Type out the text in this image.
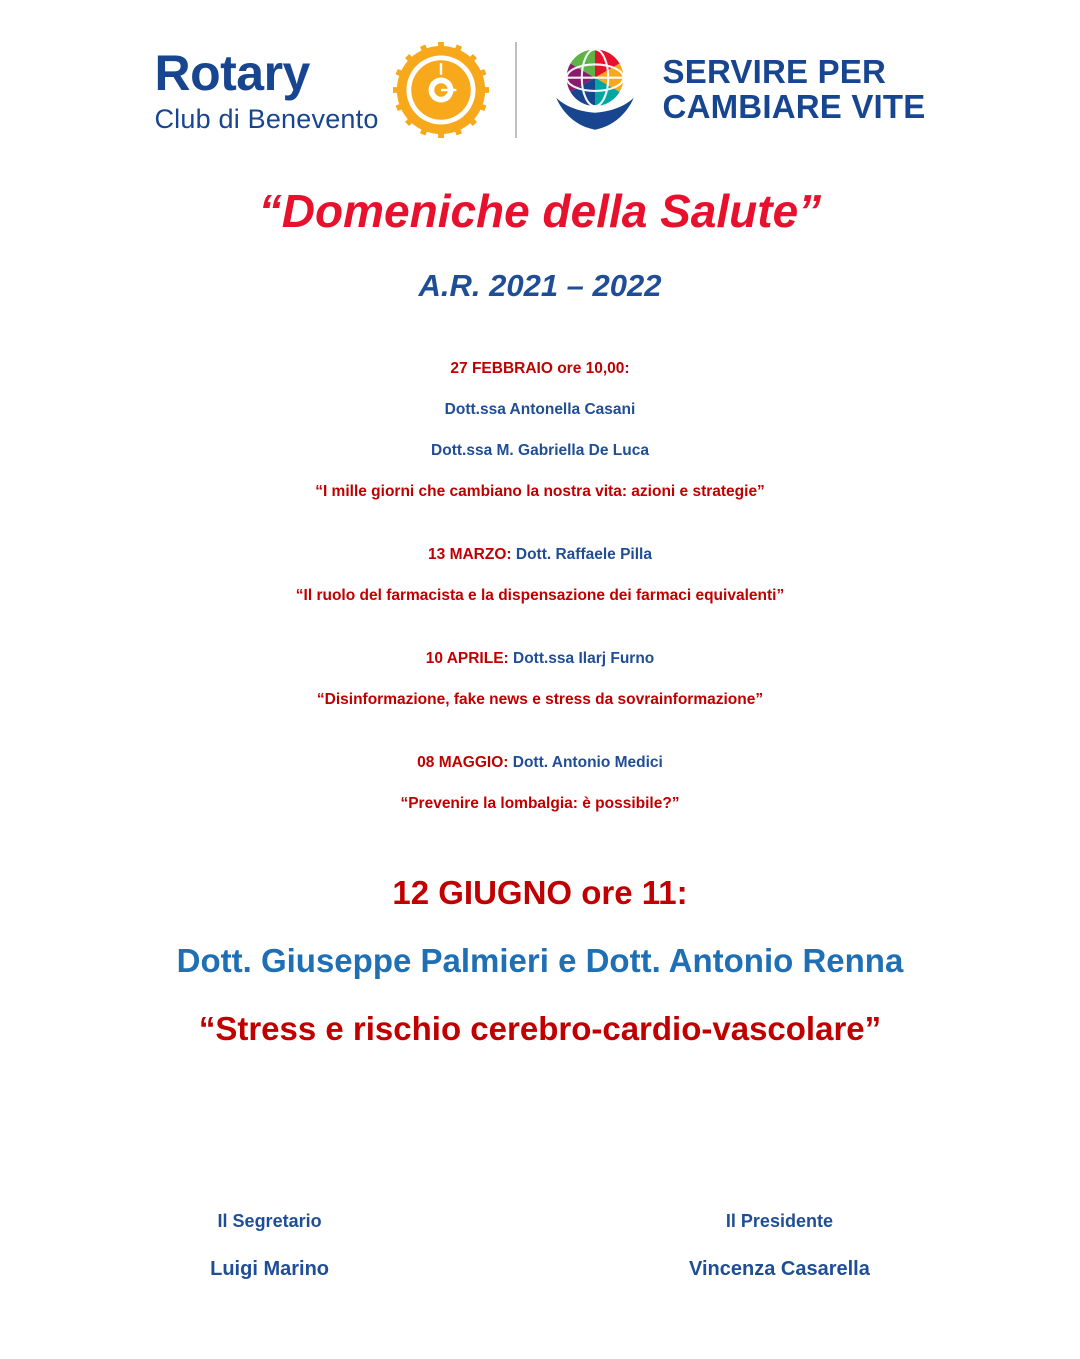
Rotary
Club di Benevento
SERVIRE PER
CAMBIARE VITE
“Domeniche della Salute”
A.R. 2021 – 2022
27 FEBBRAIO ore 10,00:
Dott.ssa Antonella Casani
Dott.ssa M. Gabriella De Luca
“I mille giorni che cambiano la nostra vita: azioni e strategie”
13 MARZO: Dott. Raffaele Pilla
“Il ruolo del farmacista e la dispensazione dei farmaci equivalenti”
10 APRILE: Dott.ssa Ilarj Furno
“Disinformazione, fake news e stress da sovrainformazione”
08 MAGGIO: Dott. Antonio Medici
“Prevenire la lombalgia: è possibile?”
12 GIUGNO ore 11:
Dott. Giuseppe Palmieri e Dott. Antonio Renna
“Stress e rischio cerebro-cardio-vascolare”
Il Segretario
Luigi Marino
Il Presidente
Vincenza Casarella
